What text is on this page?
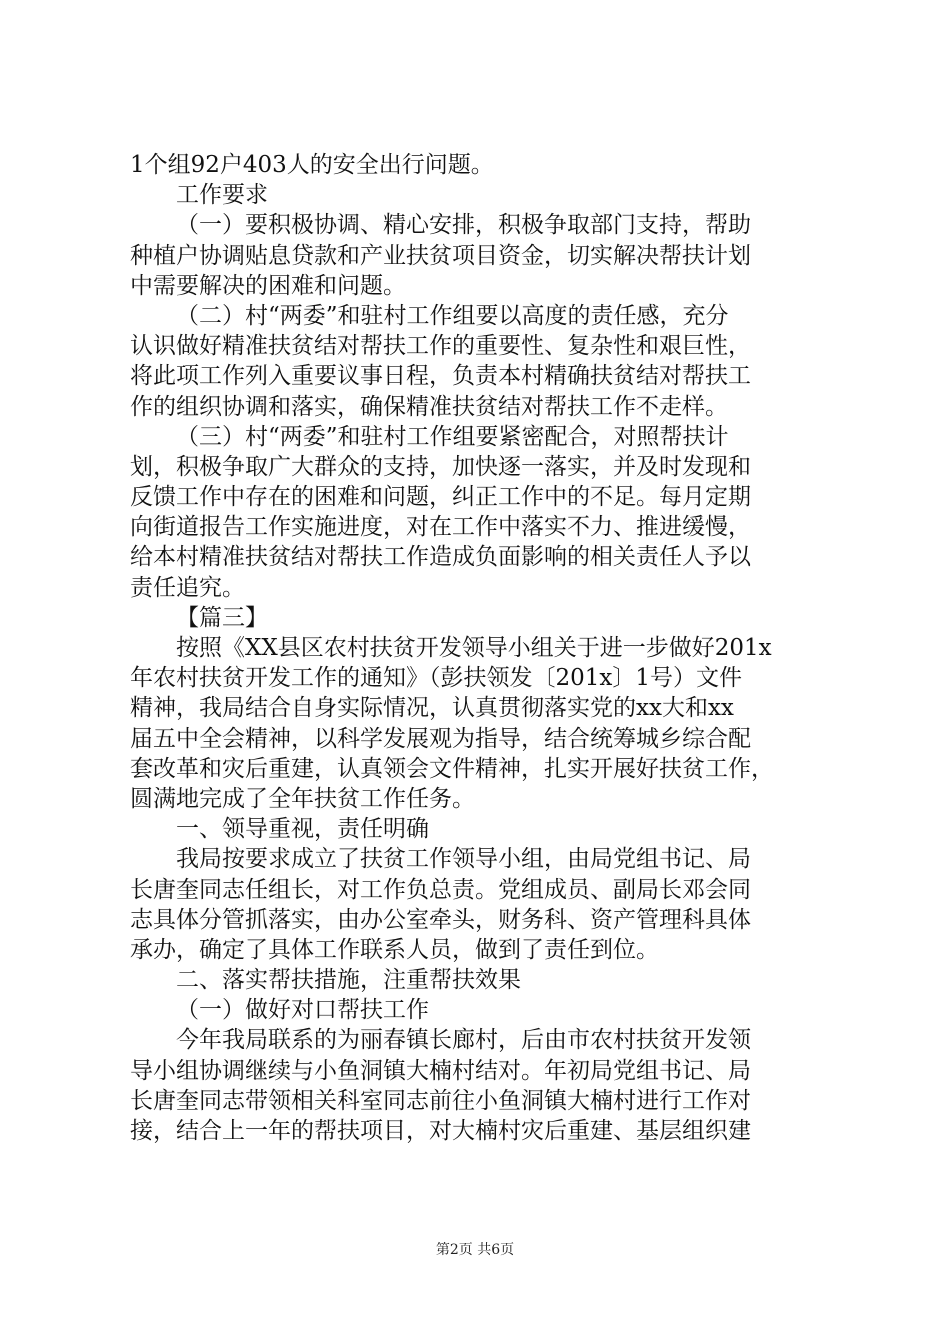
1个组92户403人的安全出行问题。
工作要求
（一）要积极协调、精心安排，积极争取部门支持，帮助
种植户协调贴息贷款和产业扶贫项目资金，切实解决帮扶计划
中需要解决的困难和问题。
（二）村“两委”和驻村工作组要以高度的责任感，充分
认识做好精准扶贫结对帮扶工作的重要性、复杂性和艰巨性，
将此项工作列入重要议事日程，负责本村精确扶贫结对帮扶工
作的组织协调和落实，确保精准扶贫结对帮扶工作不走样。
（三）村“两委”和驻村工作组要紧密配合，对照帮扶计
划，积极争取广大群众的支持，加快逐一落实，并及时发现和
反馈工作中存在的困难和问题，纠正工作中的不足。每月定期
向街道报告工作实施进度，对在工作中落实不力、推进缓慢，
给本村精准扶贫结对帮扶工作造成负面影响的相关责任人予以
责任追究。
【篇三】
按照《XX县区农村扶贫开发领导小组关于进一步做好201x
年农村扶贫开发工作的通知》（彭扶领发〔201x〕1号）文件
精神，我局结合自身实际情况，认真贯彻落实党的xx大和xx
届五中全会精神，以科学发展观为指导，结合统筹城乡综合配
套改革和灾后重建，认真领会文件精神，扎实开展好扶贫工作，
圆满地完成了全年扶贫工作任务。
一、领导重视，责任明确
我局按要求成立了扶贫工作领导小组，由局党组书记、局
长唐奎同志任组长，对工作负总责。党组成员、副局长邓会同
志具体分管抓落实，由办公室牵头，财务科、资产管理科具体
承办，确定了具体工作联系人员，做到了责任到位。
二、落实帮扶措施，注重帮扶效果
（一）做好对口帮扶工作
今年我局联系的为丽春镇长廊村，后由市农村扶贫开发领
导小组协调继续与小鱼洞镇大楠村结对。年初局党组书记、局
长唐奎同志带领相关科室同志前往小鱼洞镇大楠村进行工作对
接，结合上一年的帮扶项目，对大楠村灾后重建、基层组织建
第2页 共6页
